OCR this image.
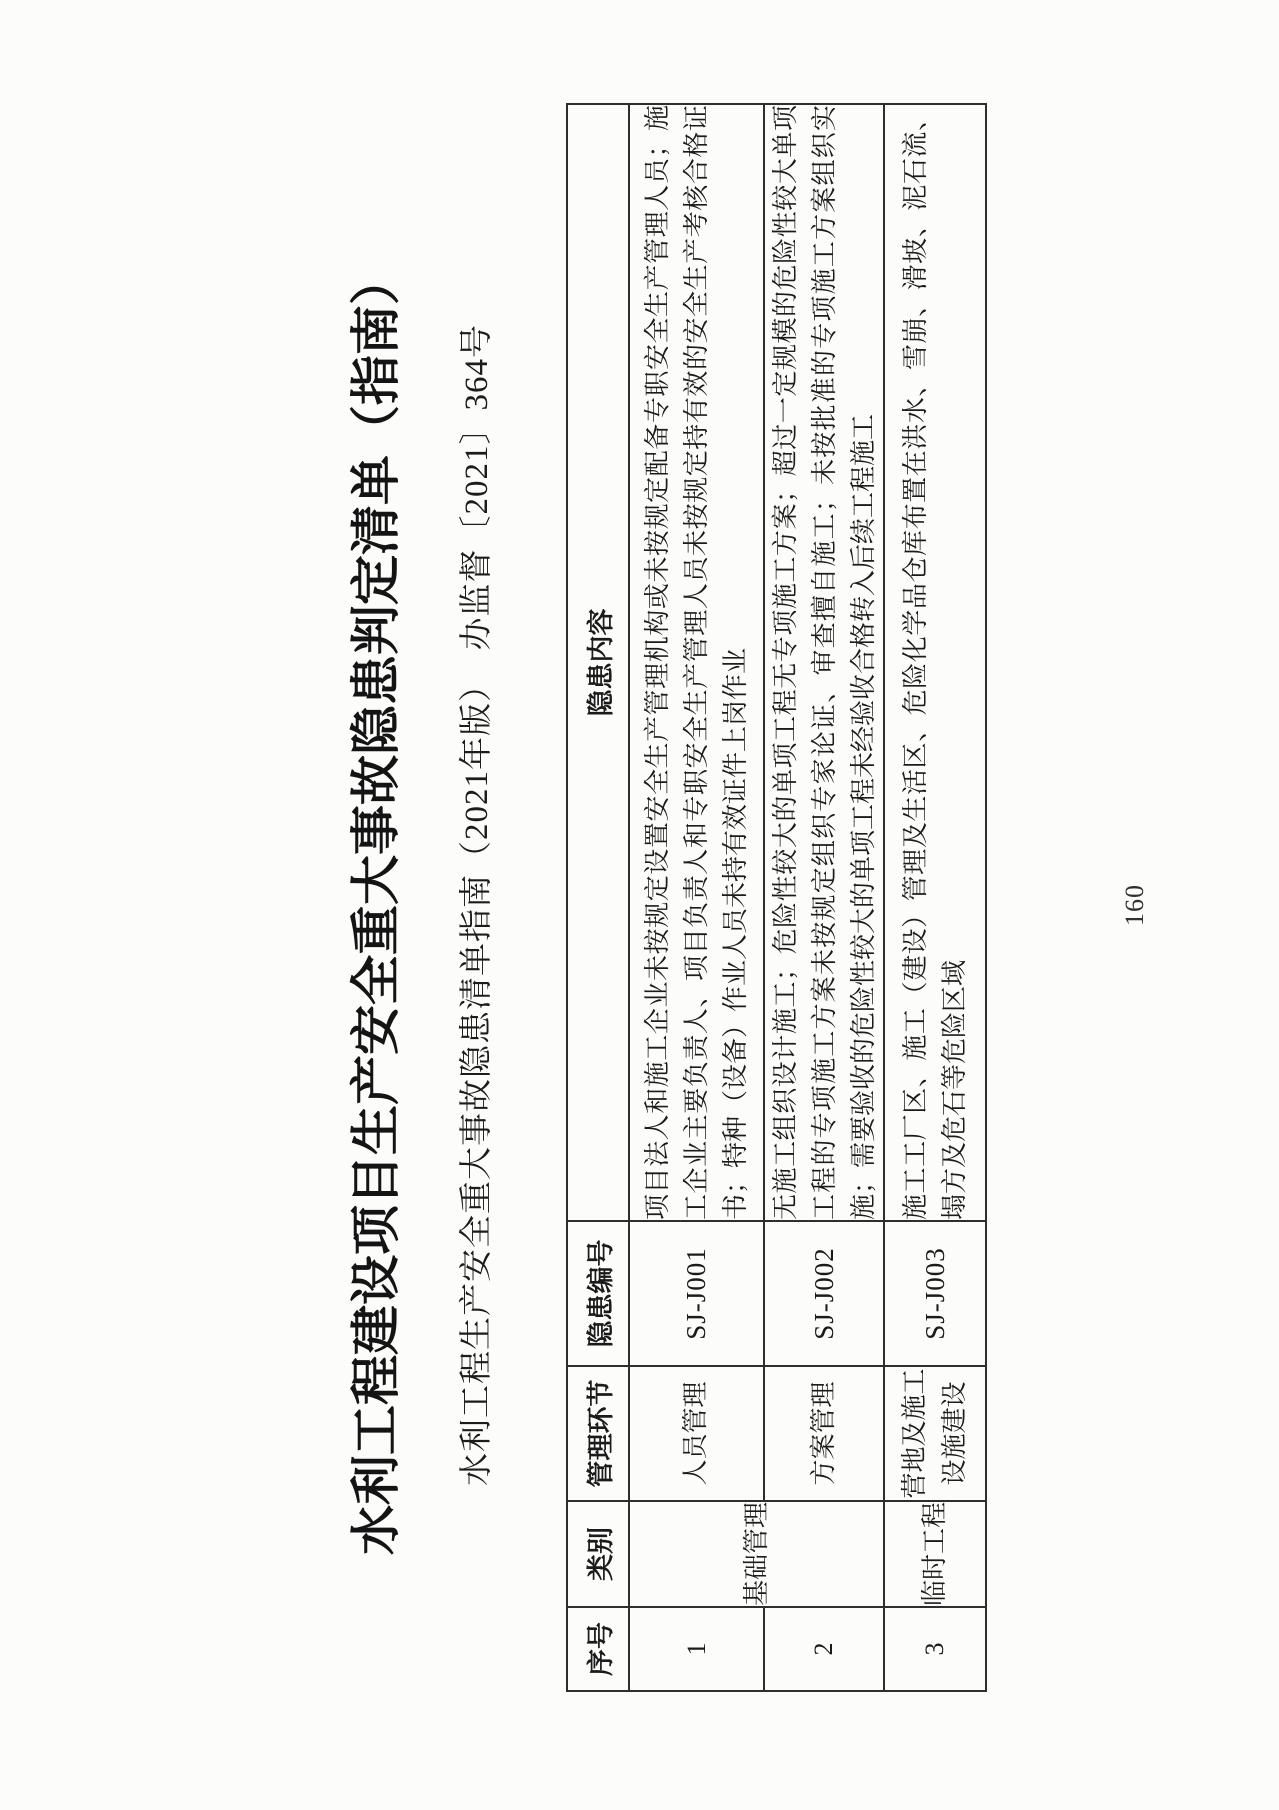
水利工程建设项目生产安全重大事故隐患判定清单（指南） 水利工程生产安全重大事故隐患清单指南（2021年版）　办监督〔2021〕364号
序号	类别	管理环节	隐患编号	隐患内容
1	基础管理	人员管理	SJ-J001	项目法人和施工企业未按规定设置安全生产管理机构或未按规定配备专职安全生产管理人员；施工企业主要负责人、项目负责人和专职安全生产管理人员未按规定持有效的安全生产考核合格证书；特种（设备）作业人员未持有效证件上岗作业
2		方案管理	SJ-J002	无施工组织设计施工；危险性较大的单项工程无专项施工方案；超过一定规模的危险性较大单项工程的专项施工方案未按规定组织专家论证、审查擅自施工；未按批准的专项施工方案组织实施；需要验收的危险性较大的单项工程未经验收合格转入后续工程施工
3	临时工程	营地及施工设施建设	SJ-J003	施工工厂区、施工（建设）管理及生活区、危险化学品仓库布置在洪水、雪崩、滑坡、泥石流、塌方及危石等危险区域
160
